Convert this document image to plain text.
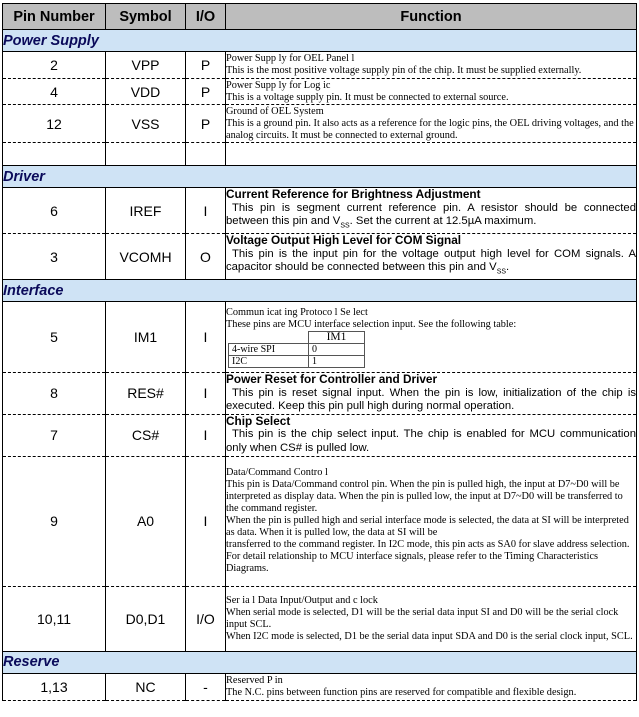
Pin Number	Symbol	I/O	Function
Power Supply
2	VPP	P	Power Supp ly for OEL Panel l
This is the most positive voltage supply pin of the chip. It must be supplied externally.
4	VDD	P	Power Supp ly for Log ic
This is a voltage supply pin. It must be connected to external source.
12	VSS	P	
Ground of OEL System
This is a ground pin. It also acts as a reference for the logic pins, the OEL driving voltages, and the analog circuits. It must be connected to external ground.

Driver
6	IREF	I	
Current Reference for Brightness Adjustment
This pin is segment current reference pin. A resistor should be connected between this pin and $V_{SS}$. Set the current at 12.5µA maximum.

3	VCOMH	O	
Voltage Output High Level for COM Signal
This pin is the input pin for the voltage output high level for COM signals. A capacitor should be connected between this pin and $V_{SS}$.

Interface
5	IM1	I	
Commun icat ing Protoco l Se lect
These pins are MCU interface selection input. See the following table:
	IM1
4-wire SPI	0
I2C	1

8	RES#	I	
Power Reset for Controller and Driver
This pin is reset signal input. When the pin is low, initialization of the chip is executed. Keep this pin pull high during normal operation.

7	CS#	I	
Chip Select
This pin is the chip select input. The chip is enabled for MCU communication only when CS# is pulled low.

9	A0	I	
Data/Command Contro l
This pin is Data/Command control pin. When the pin is pulled high, the input at D7~D0 will be interpreted as display data. When the pin is pulled low, the input at D7~D0 will be transferred to the command register.
When the pin is pulled high and serial interface mode is selected, the data at SI will be interpreted as data. When it is pulled low, the data at SI will be
transferred to the command register. In I2C mode, this pin acts as SA0 for slave address selection.
For detail relationship to MCU interface signals, please refer to the Timing Characteristics Diagrams.

10,11	D0,D1	I/O	
Ser ia l Data Input/Output and c lock
When serial mode is selected, D1 will be the serial data input SI and D0 will be the serial clock input SCL.
When I2C mode is selected, D1 be the serial data input SDA and D0 is the serial clock input, SCL.

Reserve
1,13	NC	-	Reserved P in
The N.C. pins between function pins are reserved for compatible and flexible design.
